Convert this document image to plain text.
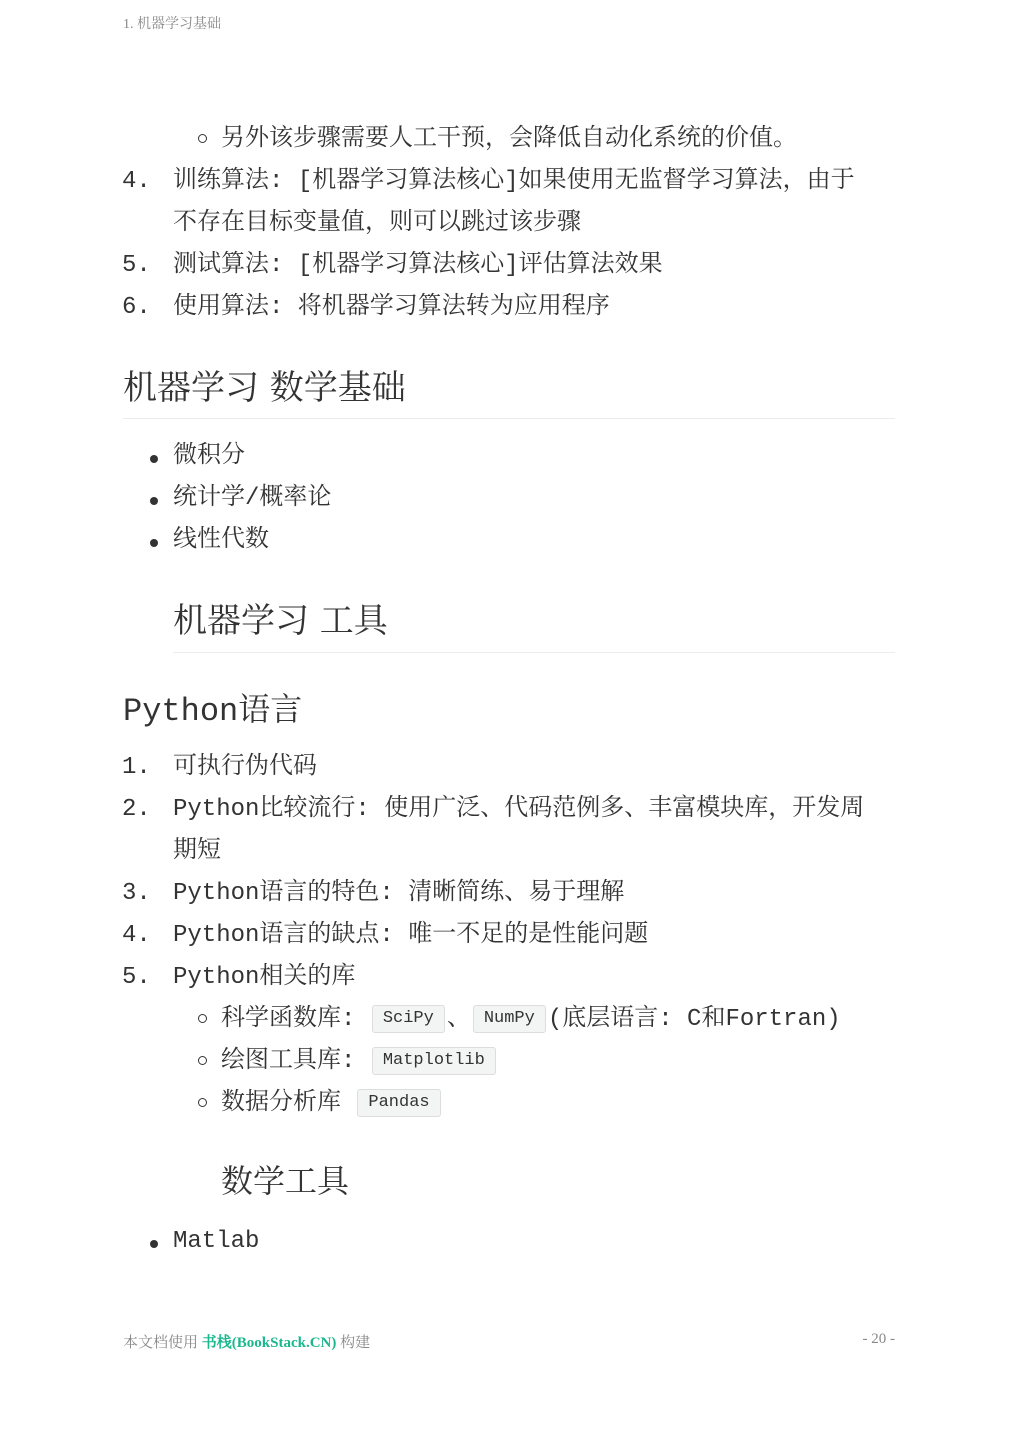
1. 机器学习基础
另外该步骤需要人工干预，会降低自动化系统的价值。
4. 训练算法: [机器学习算法核心]如果使用无监督学习算法，由于
不存在目标变量值，则可以跳过该步骤
5. 测试算法: [机器学习算法核心]评估算法效果
6. 使用算法: 将机器学习算法转为应用程序
机器学习 数学基础
微积分
统计学/概率论
线性代数
机器学习 工具
Python语言
1. 可执行伪代码
2. Python比较流行: 使用广泛、代码范例多、丰富模块库，开发周
期短
3. Python语言的特色: 清晰简练、易于理解
4. Python语言的缺点: 唯一不足的是性能问题
5. Python相关的库
科学函数库: SciPy 、 NumPy (底层语言: C和Fortran)
绘图工具库: Matplotlib
数据分析库 Pandas
数学工具
Matlab
本文档使用 书栈(BookStack.CN) 构建	- 20 -
